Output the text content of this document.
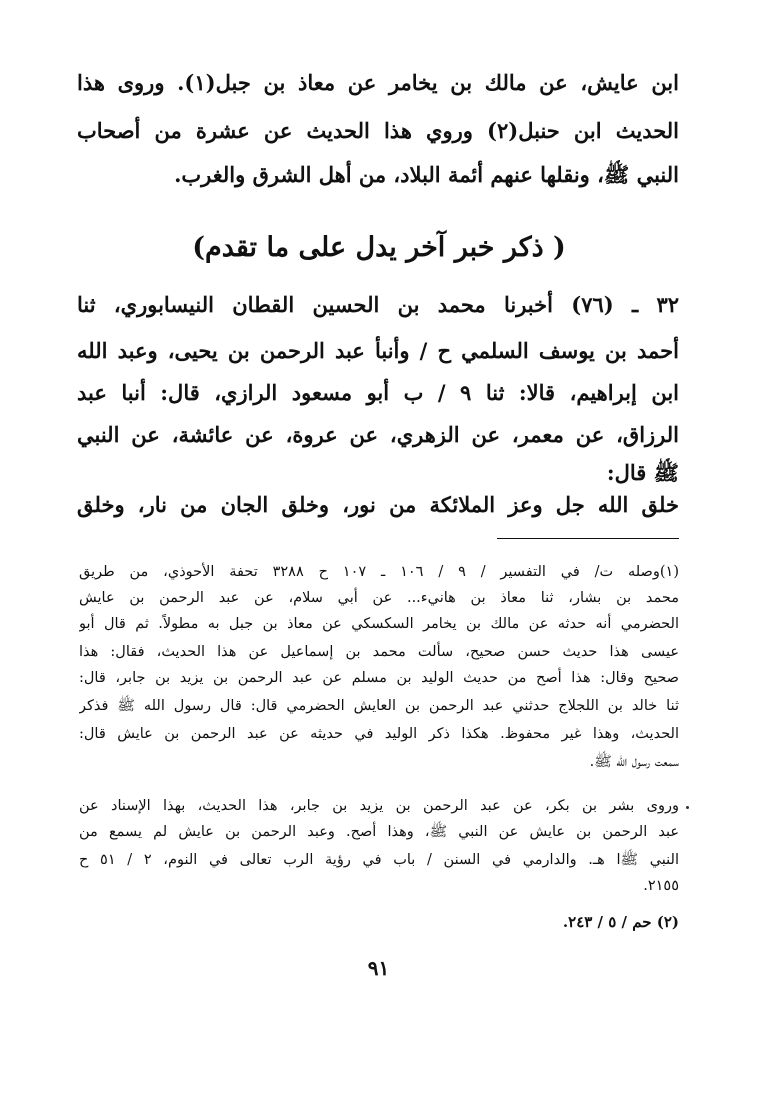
ابن عايش، عن مالك بن يخامر عن معاذ بن جبل(١). وروى هذا
الحديث ابن حنبل(٢) وروي هذا الحديث عن عشرة من أصحاب
النبي ﷺ، ونقلها عنهم أئمة البلاد، من أهل الشرق والغرب.
( ذكر خبر آخر يدل على ما تقدم)
٣٢ ـ (٧٦) أخبرنا محمد بن الحسين القطان النيسابوري، ثنا
أحمد بن يوسف السلمي ح / وأنبأ عبد الرحمن بن يحيى، وعبد الله
ابن إبراهيم، قالا: ثنا ٩ / ب أبو مسعود الرازي، قال: أنبا عبد
الرزاق، عن معمر، عن الزهري، عن عروة، عن عائشة، عن النبي
ﷺ قال:
خلق الله جل وعز الملائكة من نور، وخلق الجان من نار، وخلق
(١)وصله ت/ في التفسير / ٩ / ١٠٦ ـ ١٠٧ ح ٣٢٨٨ تحفة الأحوذي، من طريق
محمد بن بشار، ثنا معاذ بن هانيء... عن أبي سلام، عن عبد الرحمن بن عايش
الحضرمي أنه حدثه عن مالك بن يخامر السكسكي عن معاذ بن جبل به مطولاً. ثم قال أبو
عيسى هذا حديث حسن صحيح، سألت محمد بن إسماعيل عن هذا الحديث، فقال: هذا
صحيح وقال: هذا أصح من حديث الوليد بن مسلم عن عبد الرحمن بن يزيد بن جابر، قال:
ثنا خالد بن اللجلاج حدثني عبد الرحمن بن العايش الحضرمي قال: قال رسول الله ﷺ فذكر
الحديث، وهذا غير محفوظ. هكذا ذكر الوليد في حديثه عن عبد الرحمن بن عايش قال:
سمعت رسول الله ﷺ.
وروى بشر بن بكر، عن عبد الرحمن بن يزيد بن جابر، هذا الحديث، بهذا الإسناد عن
عبد الرحمن بن عايش عن النبي ﷺ، وهذا أصح. وعبد الرحمن بن عايش لم يسمع من
النبي ﷺا هـ. والدارمي في السنن / باب في رؤية الرب تعالى في النوم، ٢ / ٥١ ح
٢١٥٥.
(٢) حم / ٥ / ٢٤٣.
٩١
